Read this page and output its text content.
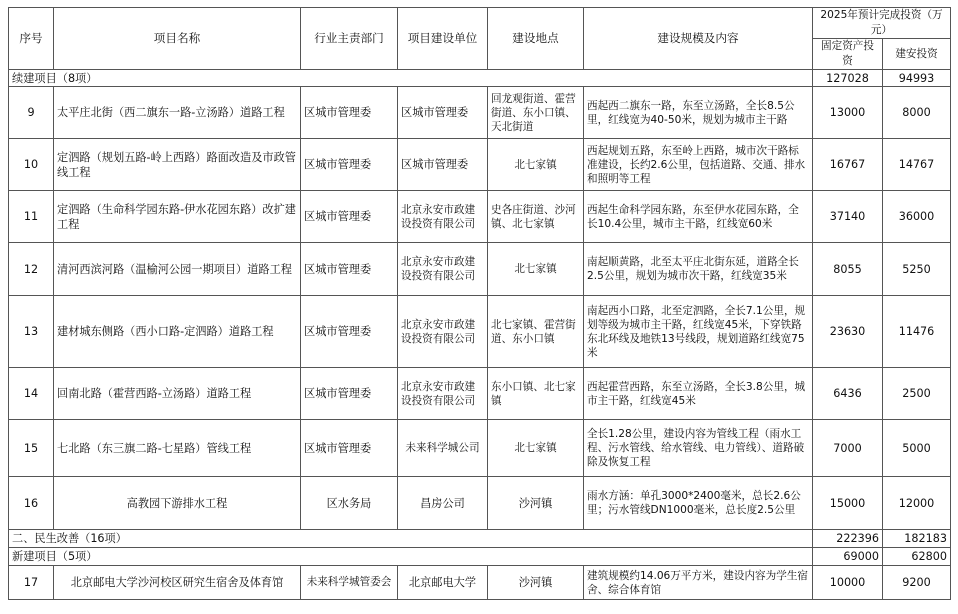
序号	项目名称	行业主责部门	项目建设单位	建设地点	建设规模及内容	2025年预计完成投资（万元）	
						固定资产投资	建安投资
续建项目（8项）						127028	94993
9	太平庄北街（西二旗东一路-立汤路）道路工程	区城市管理委	区城市管理委	回龙观街道、霍营街道、东小口镇、天北街道	西起西二旗东一路，东至立汤路，全长8.5公里，红线宽为40-50米，规划为城市主干路	13000	8000
10	定泗路（规划五路-岭上西路）路面改造及市政管线工程	区城市管理委	区城市管理委	北七家镇	西起规划五路，东至岭上西路，城市次干路标准建设，长约2.6公里，包括道路、交通、排水和照明等工程	16767	14767
11	定泗路（生命科学园东路-伊水花园东路）改扩建工程	区城市管理委	北京永安市政建设投资有限公司	史各庄街道、沙河镇、北七家镇	西起生命科学园东路，东至伊水花园东路，全长10.4公里，城市主干路，红线宽60米	37140	36000
12	清河西滨河路（温榆河公园一期项目）道路工程	区城市管理委	北京永安市政建设投资有限公司	北七家镇	南起顺黄路，北至太平庄北街东延，道路全长2.5公里，规划为城市次干路，红线宽35米	8055	5250
13	建材城东侧路（西小口路-定泗路）道路工程	区城市管理委	北京永安市政建设投资有限公司	北七家镇、霍营街道、东小口镇	南起西小口路，北至定泗路，全长7.1公里，规划等级为城市主干路，红线宽45米，下穿铁路东北环线及地铁13号线段，规划道路红线宽75米	23630	11476
14	回南北路（霍营西路-立汤路）道路工程	区城市管理委	北京永安市政建设投资有限公司	东小口镇、北七家镇	西起霍营西路，东至立汤路，全长3.8公里，城市主干路，红线宽45米	6436	2500
15	七北路（东三旗二路-七星路）管线工程	区城市管理委	未来科学城公司	北七家镇	全长1.28公里，建设内容为管线工程（雨水工程、污水管线、给水管线、电力管线）、道路破除及恢复工程	7000	5000
16	高教园下游排水工程	区水务局	昌房公司	沙河镇	雨水方涵：单孔3000*2400毫米，总长2.6公里；污水管线DN1000毫米，总长度2.5公里	15000	12000
二、民生改善（16项）						222396	182183
新建项目（5项）						69000	62800
17	北京邮电大学沙河校区研究生宿舍及体育馆	未来科学城管委会	北京邮电大学	沙河镇	建筑规模约14.06万平方米，建设内容为学生宿舍、综合体育馆	10000	9200
